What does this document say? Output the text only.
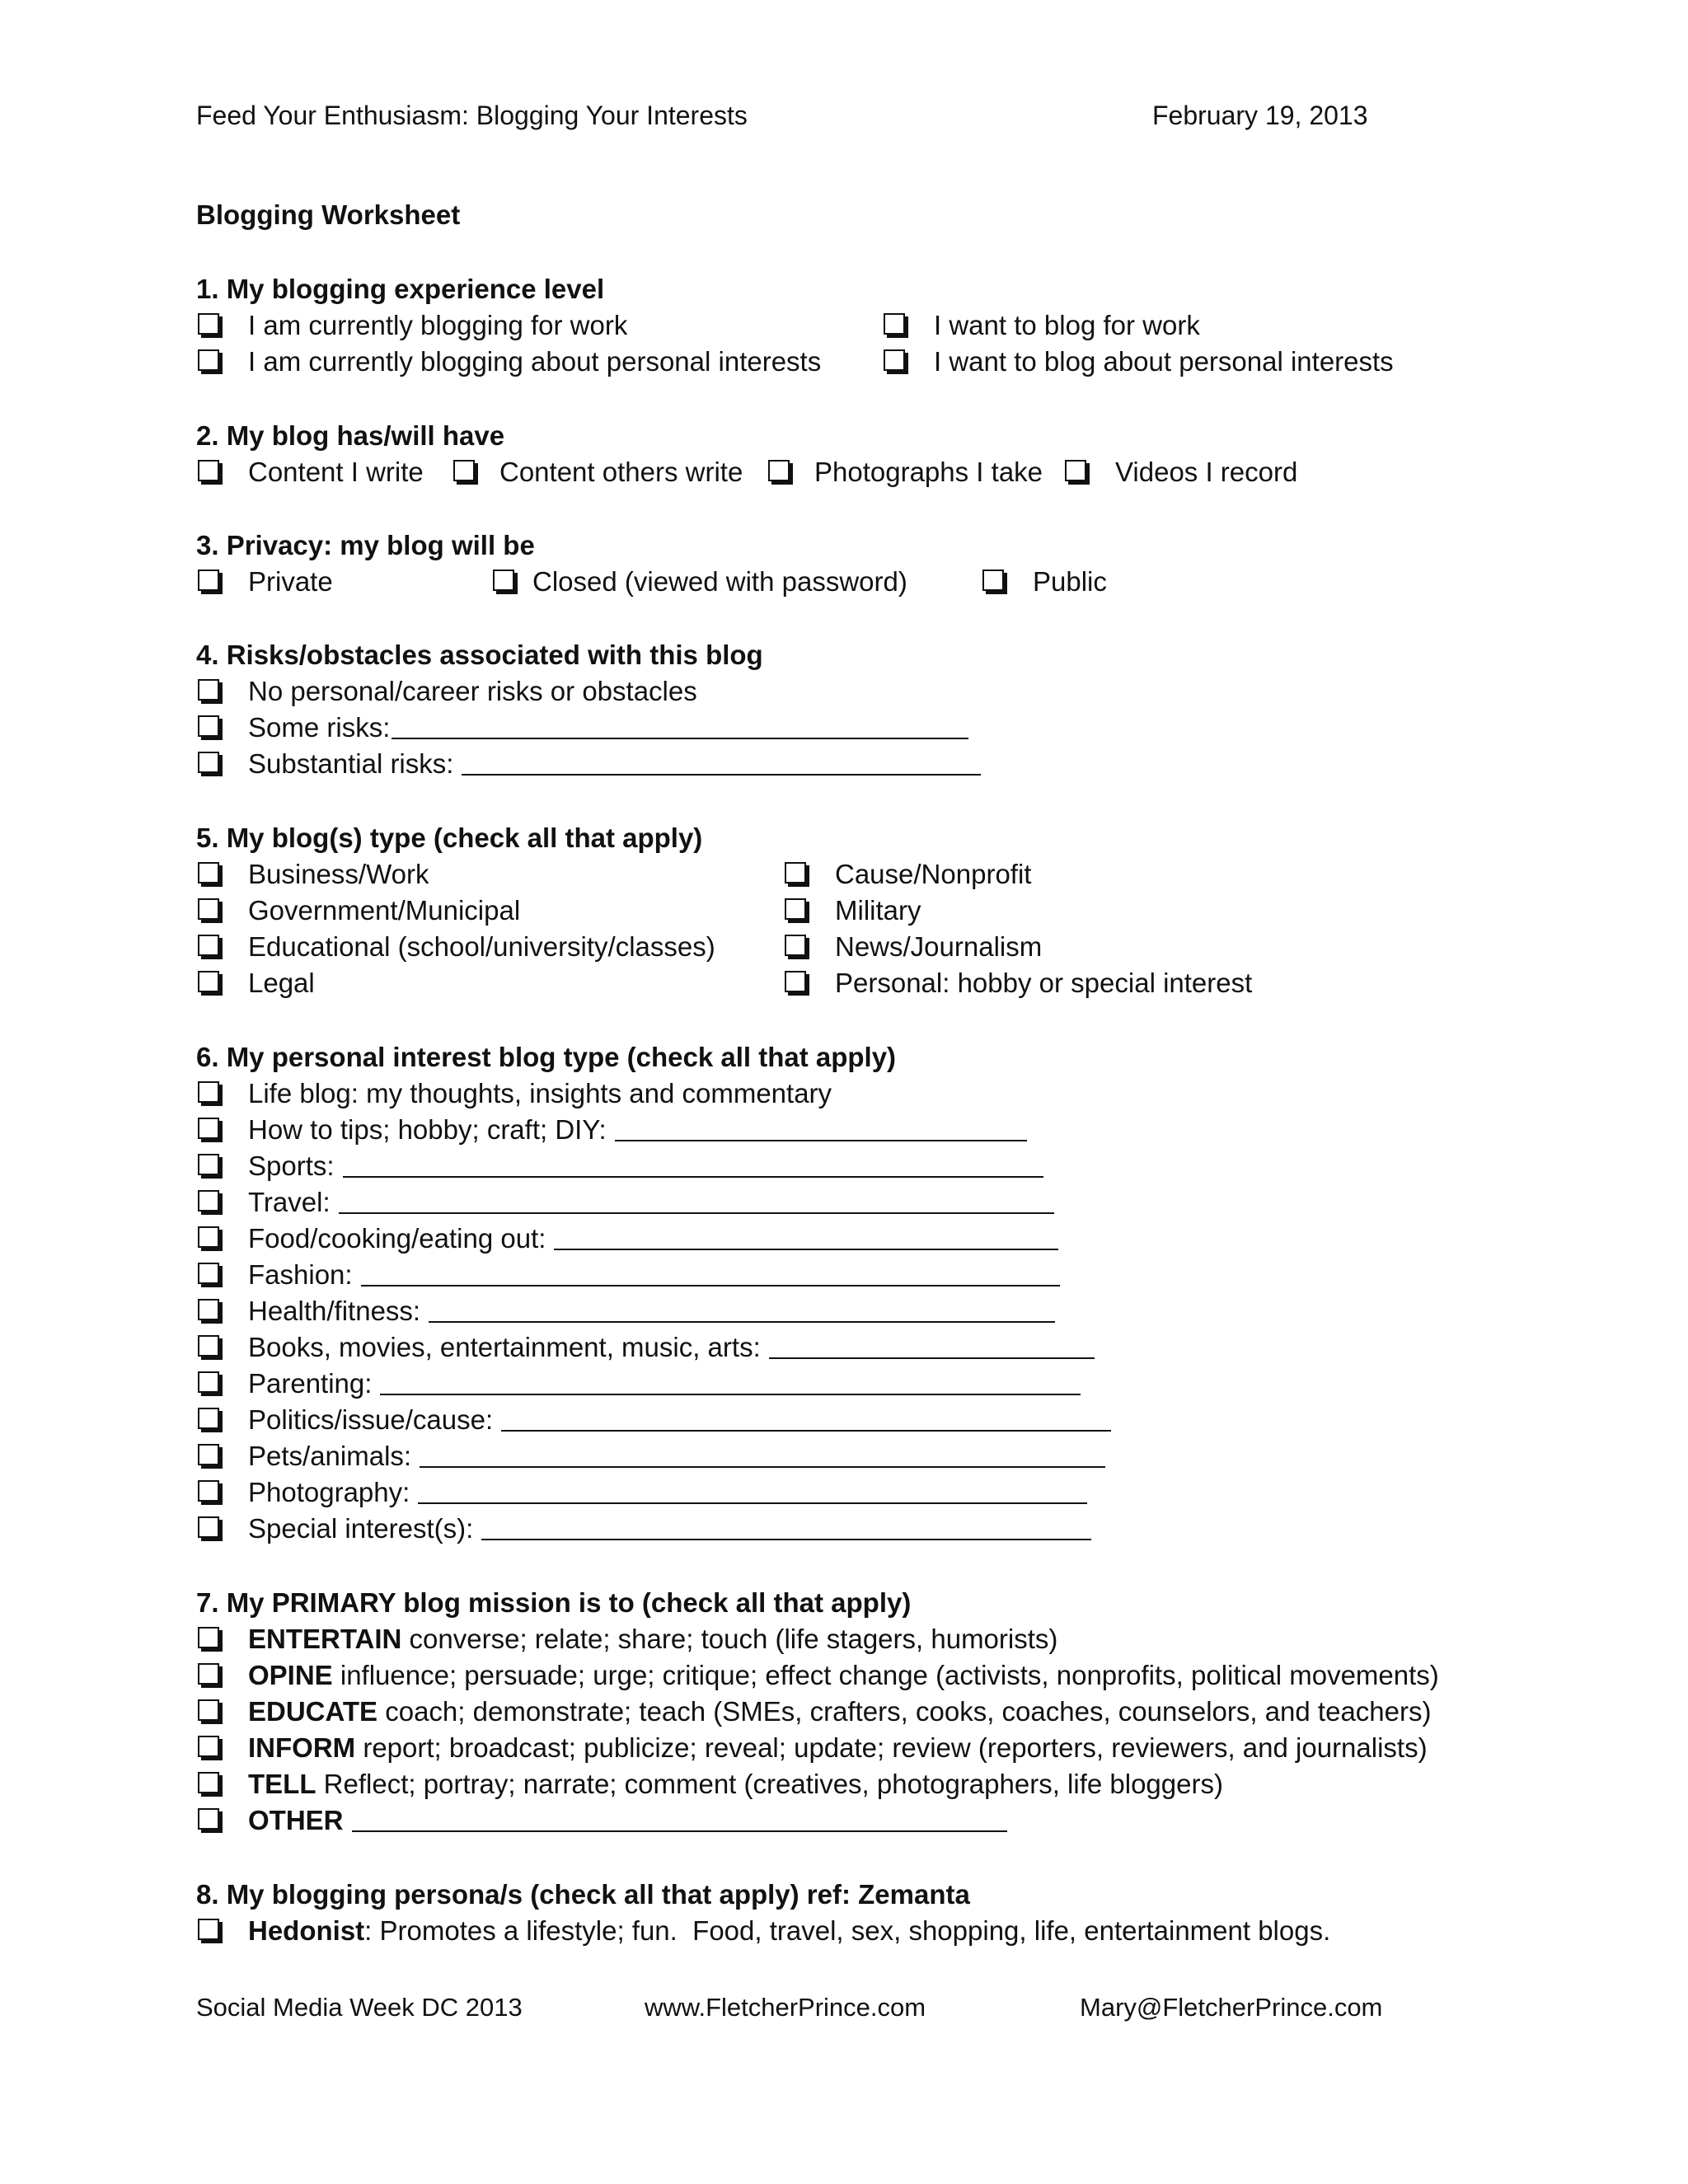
Feed Your Enthusiasm: Blogging Your Interests	February 19, 2013
Blogging Worksheet
1. My blogging experience level
I am currently blogging for work	I want to blog for work
I am currently blogging about personal interests	I want to blog about personal interests
2. My blog has/will have
Content I write	Content others write	Photographs I take	Videos I record
3. Privacy: my blog will be
Private	Closed (viewed with password)	Public
4. Risks/obstacles associated with this blog
No personal/career risks or obstacles
Some risks:
Substantial risks:
5. My blog(s) type (check all that apply)
Business/Work	Cause/Nonprofit
Government/Municipal	Military
Educational (school/university/classes)	News/Journalism
Legal	Personal: hobby or special interest
6. My personal interest blog type (check all that apply)
Life blog: my thoughts, insights and commentary
How to tips; hobby; craft; DIY:
Sports:
Travel:
Food/cooking/eating out:
Fashion:
Health/fitness:
Books, movies, entertainment, music, arts:
Parenting:
Politics/issue/cause:
Pets/animals:
Photography:
Special interest(s):
7. My PRIMARY blog mission is to (check all that apply)
ENTERTAIN converse; relate; share; touch (life stagers, humorists)
OPINE influence; persuade; urge; critique; effect change (activists, nonprofits, political movements)
EDUCATE coach; demonstrate; teach (SMEs, crafters, cooks, coaches, counselors, and teachers)
INFORM report; broadcast; publicize; reveal; update; review (reporters, reviewers, and journalists)
TELL Reflect; portray; narrate; comment (creatives, photographers, life bloggers)
OTHER
8. My blogging persona/s (check all that apply) ref: Zemanta
Hedonist : Promotes a lifestyle; fun.  Food, travel, sex, shopping, life, entertainment blogs.
Social Media Week DC 2013	www.FletcherPrince.com	Mary@FletcherPrince.com
